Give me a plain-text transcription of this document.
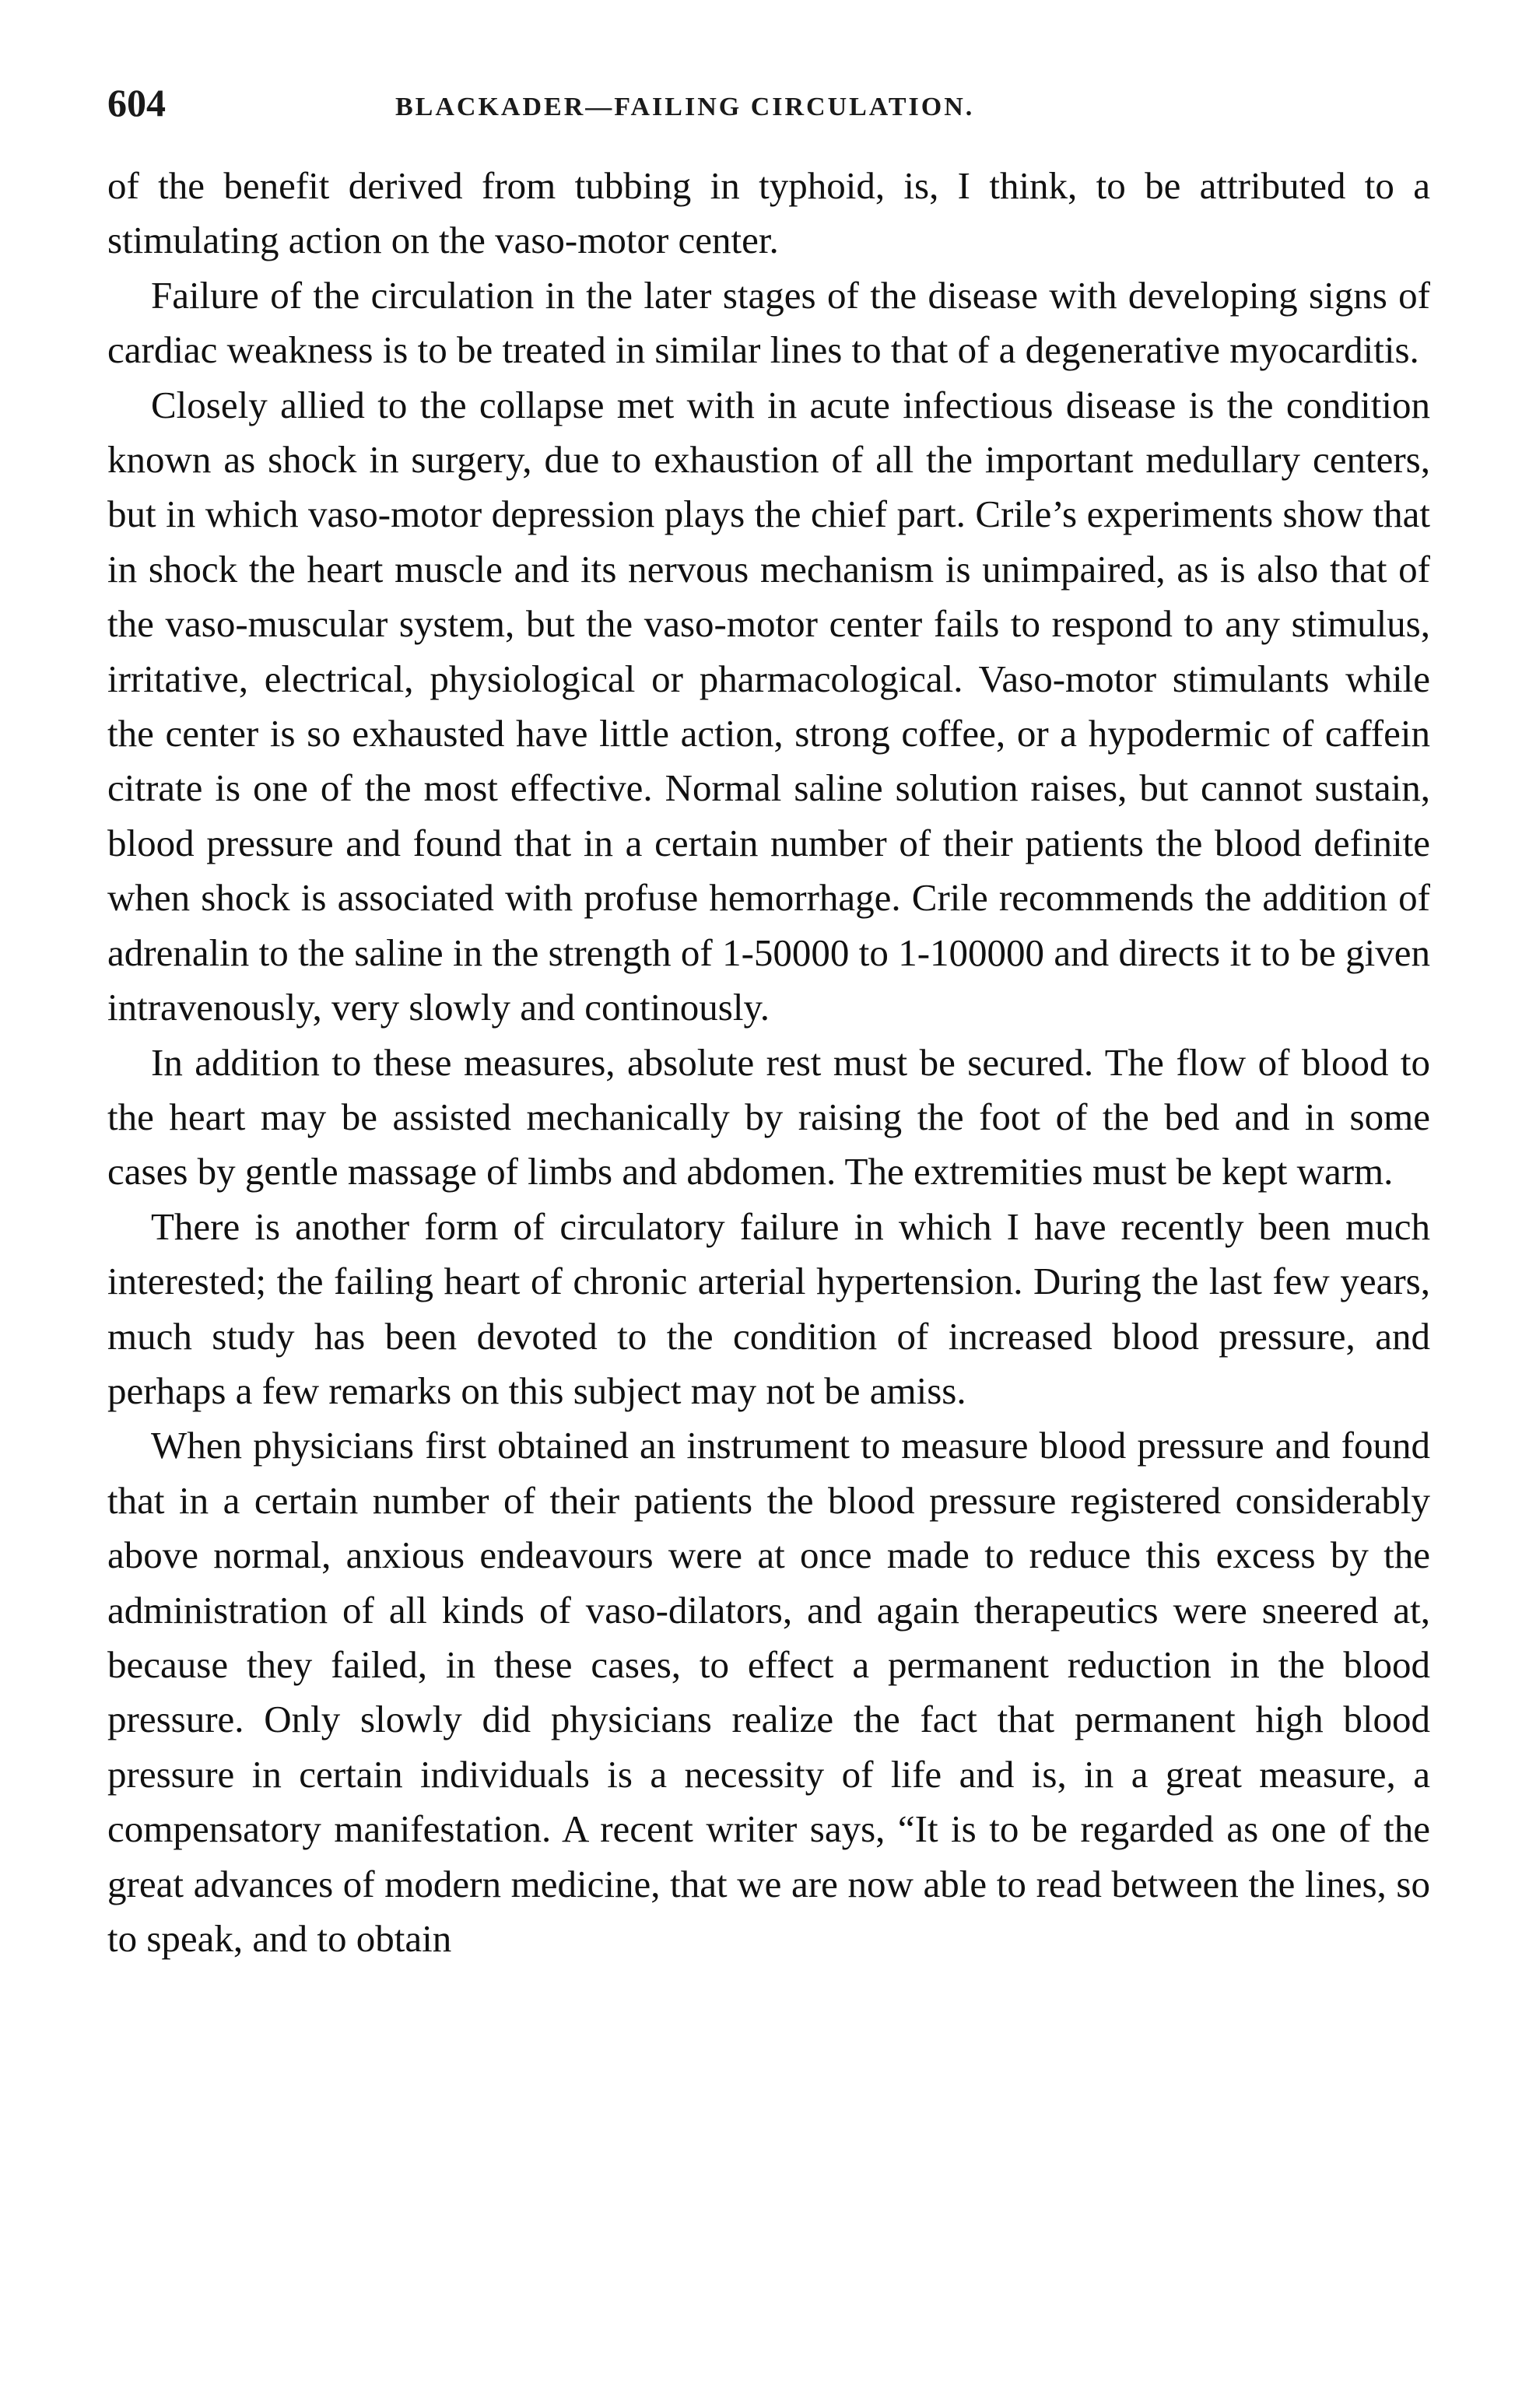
604	BLACKADER—FAILING CIRCULATION.

of the benefit derived from tubbing in typhoid, is, I think, to be attributed to a stimulating action on the vaso-motor center.

Failure of the circulation in the later stages of the disease with developing signs of cardiac weakness is to be treated in similar lines to that of a degenerative myocarditis.

Closely allied to the collapse met with in acute infectious disease is the condition known as shock in surgery, due to exhaustion of all the important medullary centers, but in which vaso-motor depression plays the chief part. Crile’s experiments show that in shock the heart muscle and its nervous mechanism is unimpaired, as is also that of the vaso-muscular system, but the vaso-motor center fails to respond to any stimulus, irritative, electrical, physiological or pharmacological. Vaso-motor stimulants while the center is so exhausted have little action, strong coffee, or a hypodermic of caffein citrate is one of the most effective. Normal saline solution raises, but cannot sustain, blood pressure and found that in a certain number of their patients the blood definite when shock is associated with profuse hemorrhage. Crile recommends the addition of adrenalin to the saline in the strength of 1-50000 to 1-100000 and directs it to be given intravenously, very slowly and continously.

In addition to these measures, absolute rest must be secured. The flow of blood to the heart may be assisted mechanically by raising the foot of the bed and in some cases by gentle massage of limbs and abdomen. The extremities must be kept warm.

There is another form of circulatory failure in which I have recently been much interested; the failing heart of chronic arterial hypertension. During the last few years, much study has been devoted to the condition of increased blood pressure, and perhaps a few remarks on this subject may not be amiss.

When physicians first obtained an instrument to measure blood pressure and found that in a certain number of their patients the blood pressure registered considerably above normal, anxious endeavours were at once made to reduce this excess by the administration of all kinds of vaso-dilators, and again therapeutics were sneered at, because they failed, in these cases, to effect a permanent reduction in the blood pressure. Only slowly did physicians realize the fact that permanent high blood pressure in certain individuals is a necessity of life and is, in a great measure, a compensatory manifestation. A recent writer says, “It is to be regarded as one of the great advances of modern medicine, that we are now able to read between the lines, so to speak, and to obtain
